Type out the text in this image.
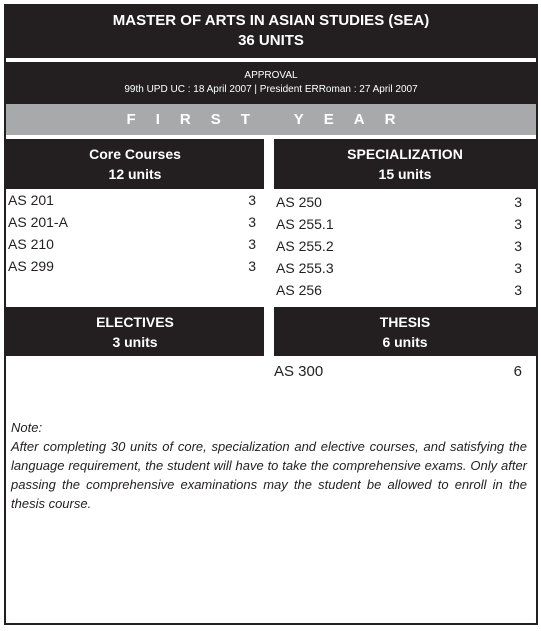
MASTER OF ARTS IN ASIAN STUDIES (SEA)
36 UNITS
APPROVAL
99th UPD UC : 18 April 2007 | President ERRoman : 27 April 2007
FIRST YEAR
Core Courses
12 units
AS 201	3
AS 201-A	3
AS 210	3
AS 299	3
SPECIALIZATION
15 units
AS 250	3
AS 255.1	3
AS 255.2	3
AS 255.3	3
AS 256	3
ELECTIVES
3 units
THESIS
6 units
AS 300	6
Note:
After completing 30 units of core, specialization and elective courses, and satisfying the language requirement, the student will have to take the comprehensive exams. Only after passing the comprehensive examinations may the student be allowed to enroll in the thesis course.
